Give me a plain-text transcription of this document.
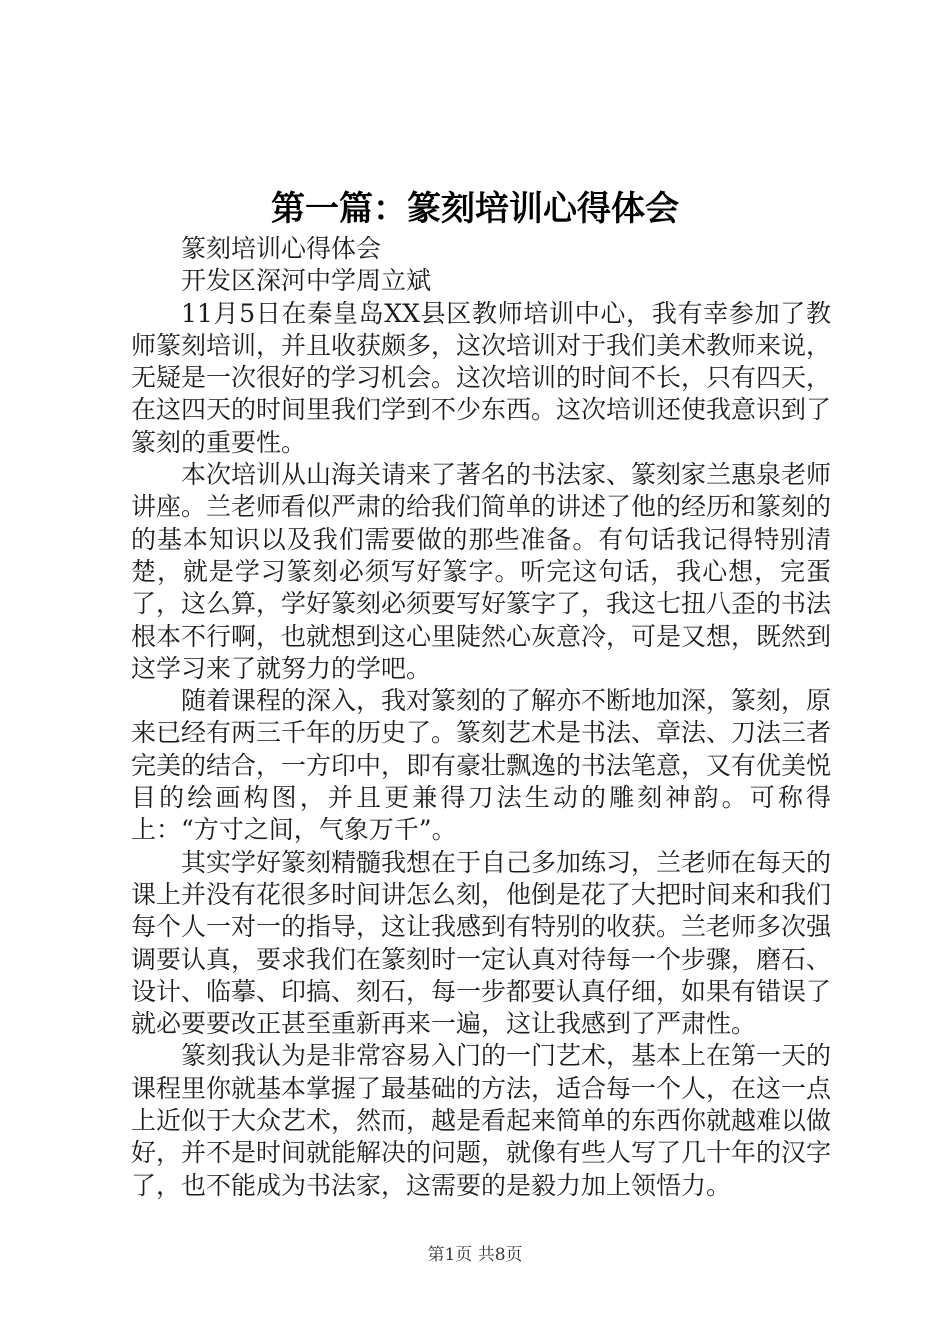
第一篇：篆刻培训心得体会

篆刻培训心得体会

开发区深河中学周立斌

11月5日在秦皇岛XX县区教师培训中心，我有幸参加了教师篆刻培训，并且收获颇多，这次培训对于我们美术教师来说，无疑是一次很好的学习机会。这次培训的时间不长，只有四天，在这四天的时间里我们学到不少东西。这次培训还使我意识到了篆刻的重要性。

本次培训从山海关请来了著名的书法家、篆刻家兰惠泉老师讲座。兰老师看似严肃的给我们简单的讲述了他的经历和篆刻的的基本知识以及我们需要做的那些准备。有句话我记得特别清楚，就是学习篆刻必须写好篆字。听完这句话，我心想，完蛋了，这么算，学好篆刻必须要写好篆字了，我这七扭八歪的书法根本不行啊，也就想到这心里陡然心灰意冷，可是又想，既然到这学习来了就努力的学吧。

随着课程的深入，我对篆刻的了解亦不断地加深，篆刻，原来已经有两三千年的历史了。篆刻艺术是书法、章法、刀法三者完美的结合，一方印中，即有豪壮飘逸的书法笔意，又有优美悦目的绘画构图，并且更兼得刀法生动的雕刻神韵。可称得上：“方寸之间，气象万千”。

其实学好篆刻精髓我想在于自己多加练习，兰老师在每天的课上并没有花很多时间讲怎么刻，他倒是花了大把时间来和我们每个人一对一的指导，这让我感到有特别的收获。兰老师多次强调要认真，要求我们在篆刻时一定认真对待每一个步骤，磨石、设计、临摹、印搞、刻石，每一步都要认真仔细，如果有错误了就必要要改正甚至重新再来一遍，这让我感到了严肃性。

篆刻我认为是非常容易入门的一门艺术，基本上在第一天的课程里你就基本掌握了最基础的方法，适合每一个人，在这一点上近似于大众艺术，然而，越是看起来简单的东西你就越难以做好，并不是时间就能解决的问题，就像有些人写了几十年的汉字了，也不能成为书法家，这需要的是毅力加上领悟力。

第1页 共8页
